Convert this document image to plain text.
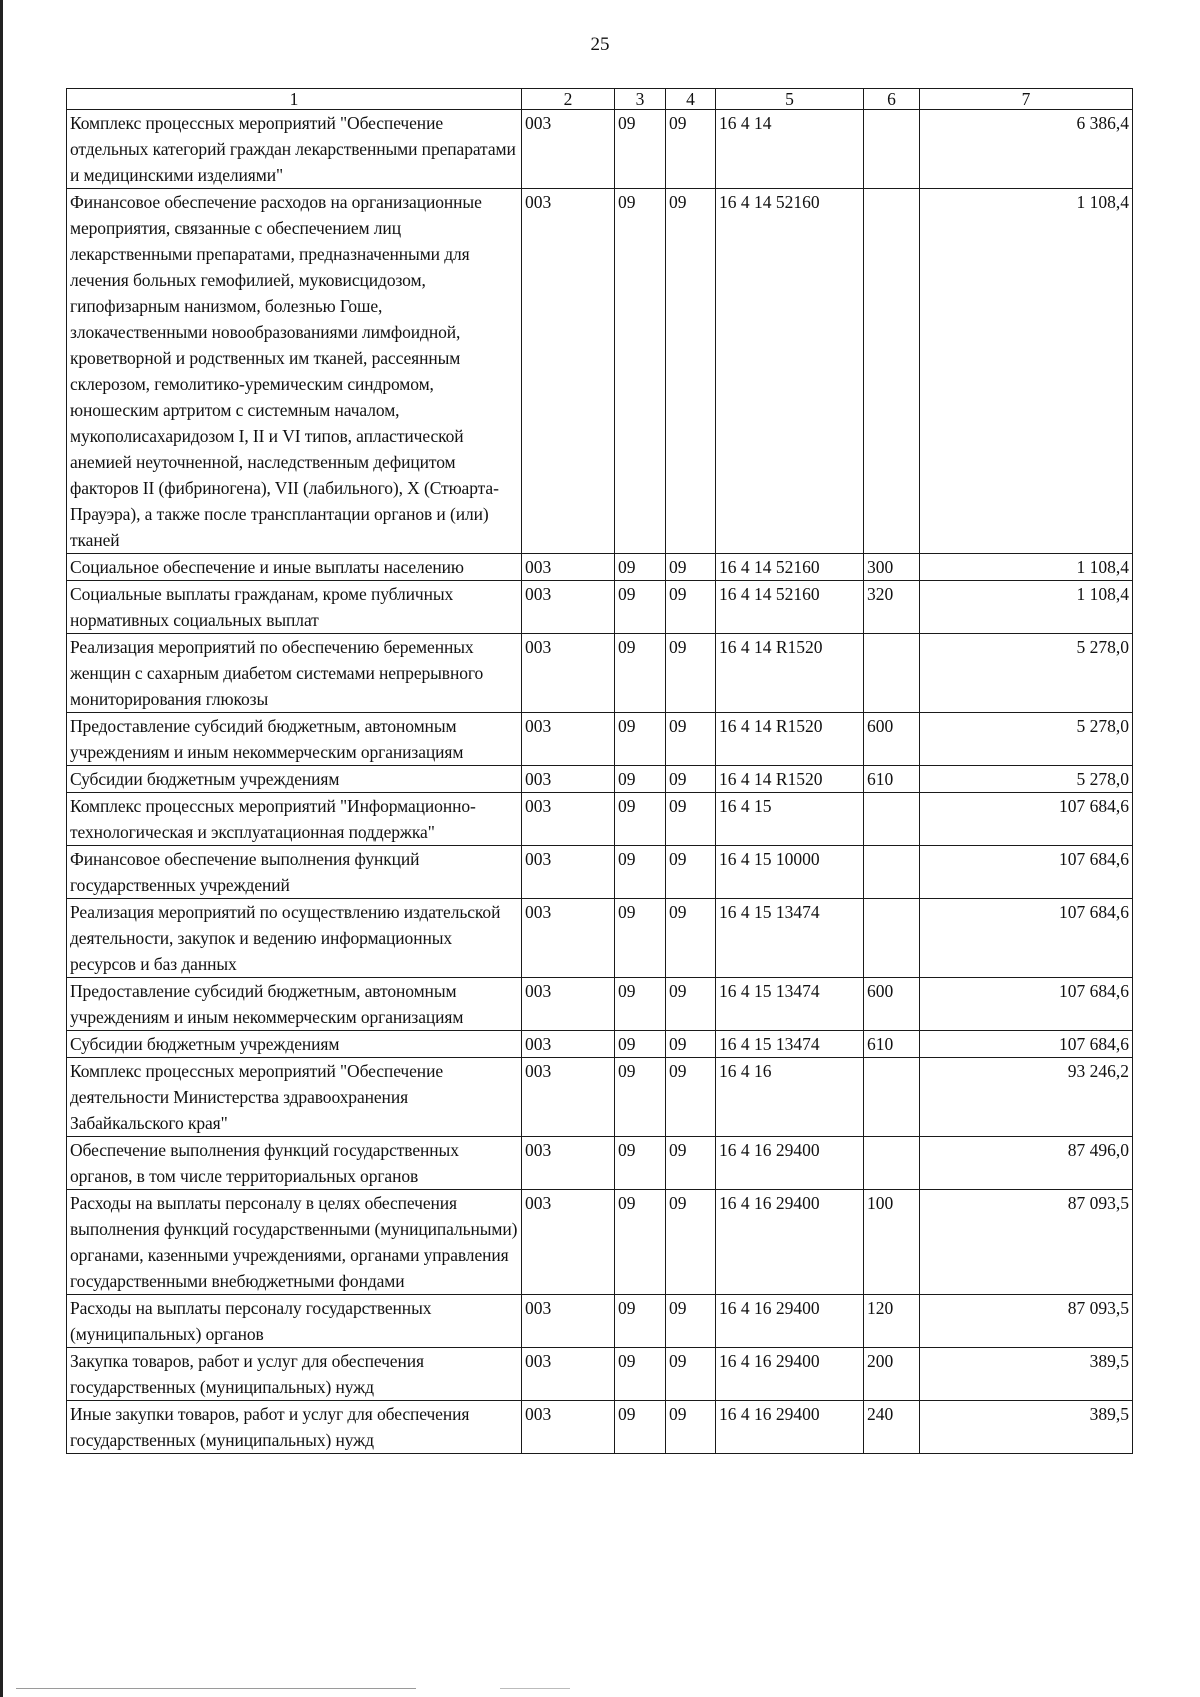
25
1	2	3	4	5	6	7
Комплекс процессных мероприятий "Обеспечение отдельных категорий граждан лекарственными препаратами и медицинскими изделиями"	003	09	09	16 4 14		6 386,4
Финансовое обеспечение расходов на организационные мероприятия, связанные с обеспечением лиц лекарственными препаратами, предназначенными для лечения больных гемофилией, муковисцидозом, гипофизарным нанизмом, болезнью Гоше, злокачественными новообразованиями лимфоидной, кроветворной и родственных им тканей, рассеянным склерозом, гемолитико-уремическим синдромом, юношеским артритом с системным началом, мукополисахаридозом I, II и VI типов, апластической анемией неуточненной, наследственным дефицитом факторов II (фибриногена), VII (лабильного), X (Стюарта-Прауэра), а также после трансплантации органов и (или) тканей	003	09	09	16 4 14 52160		1 108,4
Социальное обеспечение и иные выплаты населению	003	09	09	16 4 14 52160	300	1 108,4
Социальные выплаты гражданам, кроме публичных нормативных социальных выплат	003	09	09	16 4 14 52160	320	1 108,4
Реализация мероприятий по обеспечению беременных женщин с сахарным диабетом системами непрерывного мониторирования глюкозы	003	09	09	16 4 14 R1520		5 278,0
Предоставление субсидий бюджетным, автономным учреждениям и иным некоммерческим организациям	003	09	09	16 4 14 R1520	600	5 278,0
Субсидии бюджетным учреждениям	003	09	09	16 4 14 R1520	610	5 278,0
Комплекс процессных мероприятий "Информационно-технологическая и эксплуатационная поддержка"	003	09	09	16 4 15		107 684,6
Финансовое обеспечение выполнения функций государственных учреждений	003	09	09	16 4 15 10000		107 684,6
Реализация мероприятий по осуществлению издательской деятельности, закупок и ведению информационных ресурсов и баз данных	003	09	09	16 4 15 13474		107 684,6
Предоставление субсидий бюджетным, автономным учреждениям и иным некоммерческим организациям	003	09	09	16 4 15 13474	600	107 684,6
Субсидии бюджетным учреждениям	003	09	09	16 4 15 13474	610	107 684,6
Комплекс процессных мероприятий "Обеспечение деятельности Министерства здравоохранения Забайкальского края"	003	09	09	16 4 16		93 246,2
Обеспечение выполнения функций государственных органов, в том числе территориальных органов	003	09	09	16 4 16 29400		87 496,0
Расходы на выплаты персоналу в целях обеспечения выполнения функций государственными (муниципальными) органами, казенными учреждениями, органами управления государственными внебюджетными фондами	003	09	09	16 4 16 29400	100	87 093,5
Расходы на выплаты персоналу государственных (муниципальных) органов	003	09	09	16 4 16 29400	120	87 093,5
Закупка товаров, работ и услуг для обеспечения государственных (муниципальных) нужд	003	09	09	16 4 16 29400	200	389,5
Иные закупки товаров, работ и услуг для обеспечения государственных (муниципальных) нужд	003	09	09	16 4 16 29400	240	389,5
